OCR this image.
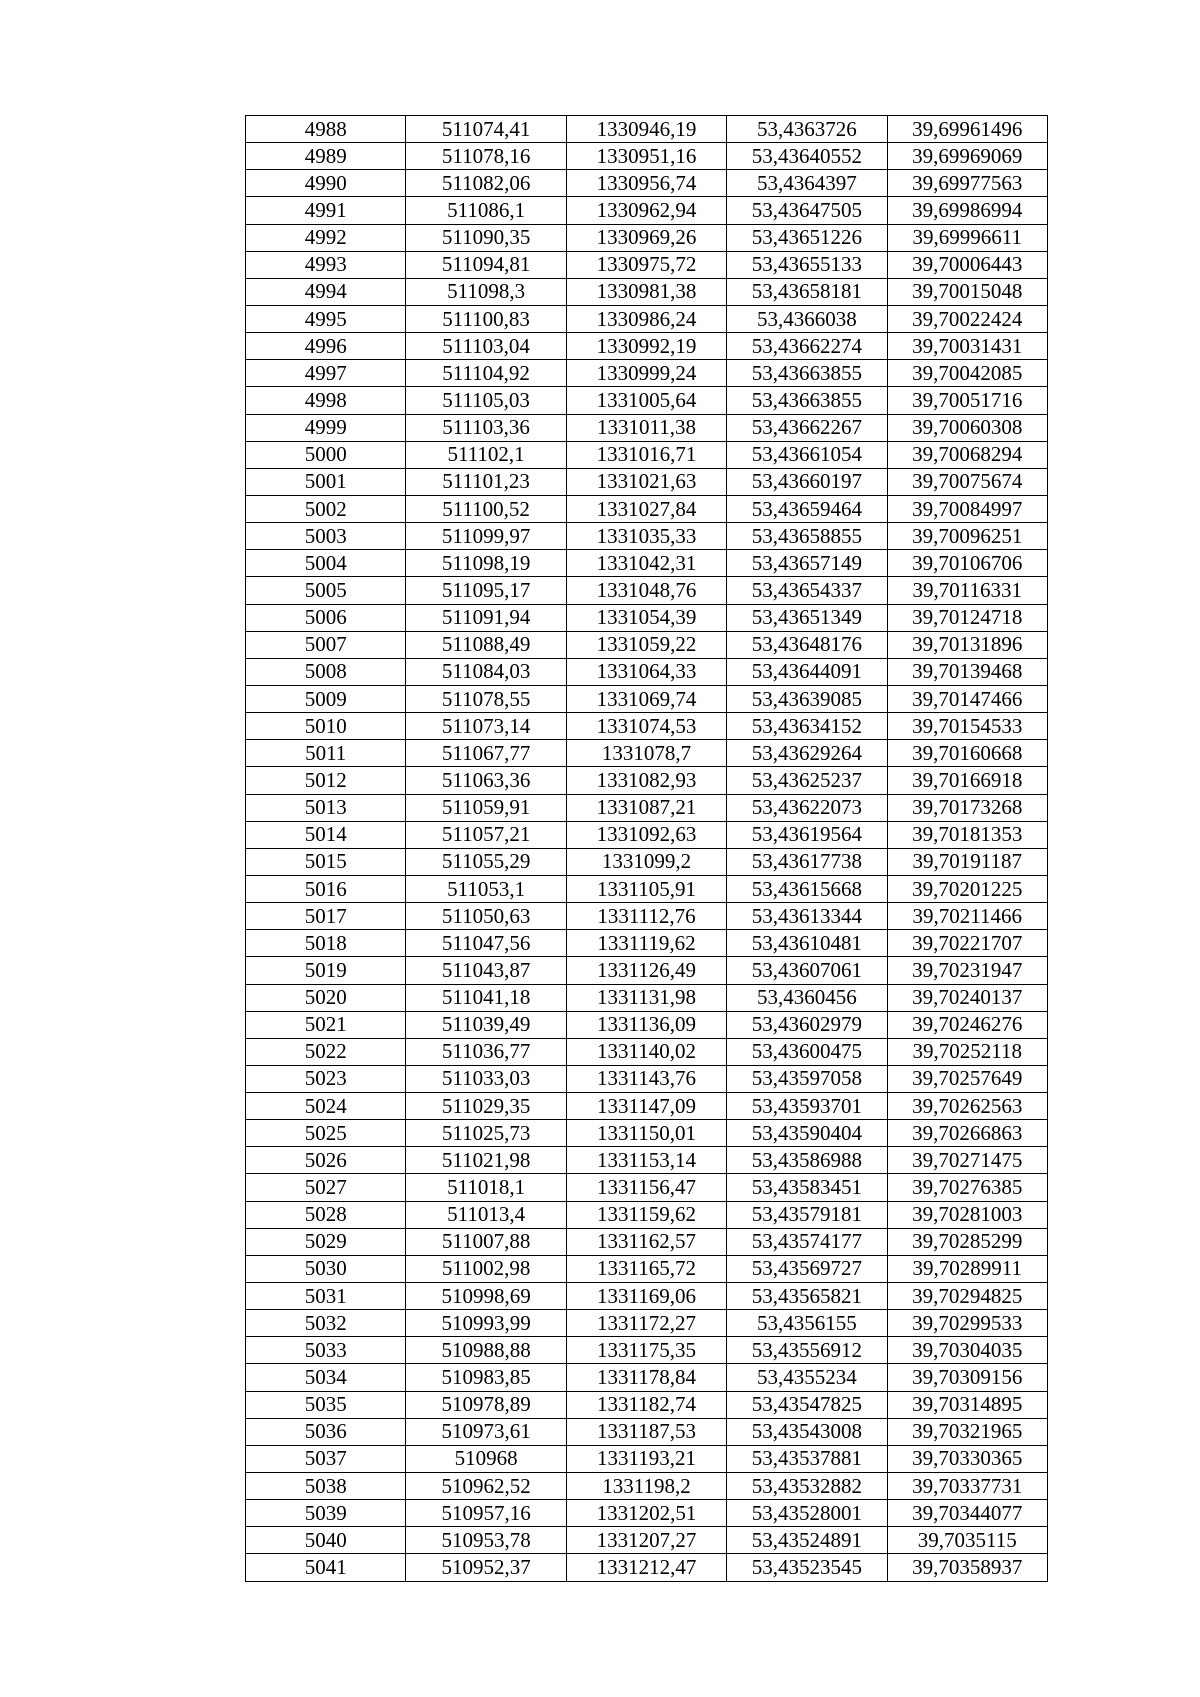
4988	511074,41	1330946,19	53,4363726	39,69961496
4989	511078,16	1330951,16	53,43640552	39,69969069
4990	511082,06	1330956,74	53,4364397	39,69977563
4991	511086,1	1330962,94	53,43647505	39,69986994
4992	511090,35	1330969,26	53,43651226	39,69996611
4993	511094,81	1330975,72	53,43655133	39,70006443
4994	511098,3	1330981,38	53,43658181	39,70015048
4995	511100,83	1330986,24	53,4366038	39,70022424
4996	511103,04	1330992,19	53,43662274	39,70031431
4997	511104,92	1330999,24	53,43663855	39,70042085
4998	511105,03	1331005,64	53,43663855	39,70051716
4999	511103,36	1331011,38	53,43662267	39,70060308
5000	511102,1	1331016,71	53,43661054	39,70068294
5001	511101,23	1331021,63	53,43660197	39,70075674
5002	511100,52	1331027,84	53,43659464	39,70084997
5003	511099,97	1331035,33	53,43658855	39,70096251
5004	511098,19	1331042,31	53,43657149	39,70106706
5005	511095,17	1331048,76	53,43654337	39,70116331
5006	511091,94	1331054,39	53,43651349	39,70124718
5007	511088,49	1331059,22	53,43648176	39,70131896
5008	511084,03	1331064,33	53,43644091	39,70139468
5009	511078,55	1331069,74	53,43639085	39,70147466
5010	511073,14	1331074,53	53,43634152	39,70154533
5011	511067,77	1331078,7	53,43629264	39,70160668
5012	511063,36	1331082,93	53,43625237	39,70166918
5013	511059,91	1331087,21	53,43622073	39,70173268
5014	511057,21	1331092,63	53,43619564	39,70181353
5015	511055,29	1331099,2	53,43617738	39,70191187
5016	511053,1	1331105,91	53,43615668	39,70201225
5017	511050,63	1331112,76	53,43613344	39,70211466
5018	511047,56	1331119,62	53,43610481	39,70221707
5019	511043,87	1331126,49	53,43607061	39,70231947
5020	511041,18	1331131,98	53,4360456	39,70240137
5021	511039,49	1331136,09	53,43602979	39,70246276
5022	511036,77	1331140,02	53,43600475	39,70252118
5023	511033,03	1331143,76	53,43597058	39,70257649
5024	511029,35	1331147,09	53,43593701	39,70262563
5025	511025,73	1331150,01	53,43590404	39,70266863
5026	511021,98	1331153,14	53,43586988	39,70271475
5027	511018,1	1331156,47	53,43583451	39,70276385
5028	511013,4	1331159,62	53,43579181	39,70281003
5029	511007,88	1331162,57	53,43574177	39,70285299
5030	511002,98	1331165,72	53,43569727	39,70289911
5031	510998,69	1331169,06	53,43565821	39,70294825
5032	510993,99	1331172,27	53,4356155	39,70299533
5033	510988,88	1331175,35	53,43556912	39,70304035
5034	510983,85	1331178,84	53,4355234	39,70309156
5035	510978,89	1331182,74	53,43547825	39,70314895
5036	510973,61	1331187,53	53,43543008	39,70321965
5037	510968	1331193,21	53,43537881	39,70330365
5038	510962,52	1331198,2	53,43532882	39,70337731
5039	510957,16	1331202,51	53,43528001	39,70344077
5040	510953,78	1331207,27	53,43524891	39,7035115
5041	510952,37	1331212,47	53,43523545	39,70358937
